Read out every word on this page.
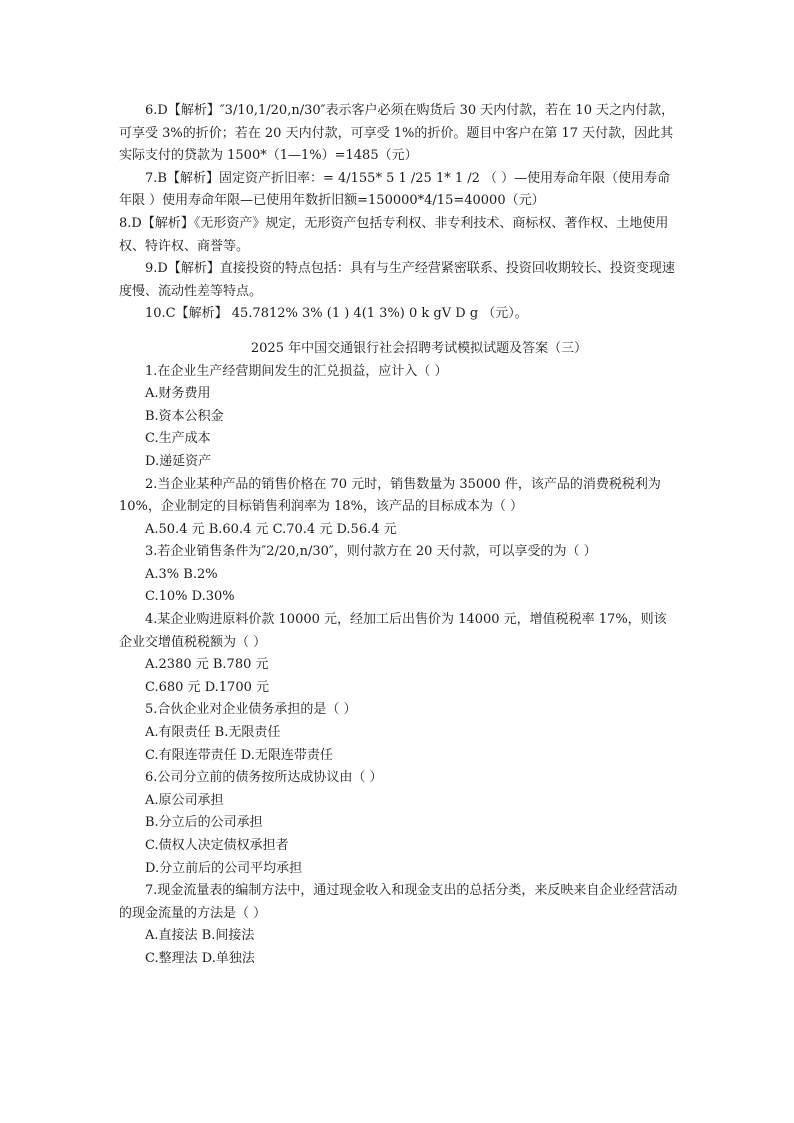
6.D【解析】″3/10,1/20,n/30″表示客户必须在购货后 30 天内付款，若在 10 天之内付款，可享受 3%的折价；若在 20 天内付款，可享受 1%的折价。题目中客户在第 17 天付款，因此其实际支付的贷款为 1500*（1—1%）=1485（元）

7.B【解析】固定资产折旧率：= 4/155* 5 1 /25 1* 1 /2 （ ）—使用寿命年限（使用寿命年限 ）使用寿命年限—已使用年数折旧额=150000*4/15=40000（元）

8.D【解析】《无形资产》规定，无形资产包括专利权、非专利技术、商标权、著作权、土地使用权、特许权、商誉等。

9.D【解析】直接投资的特点包括：具有与生产经营紧密联系、投资回收期较长、投资变现速度慢、流动性差等特点。

10.C【解析】 45.7812% 3% (1 ) 4(1 3%) 0 k gV D g （元）。

2025 年中国交通银行社会招聘考试模拟试题及答案（三）

1.在企业生产经营期间发生的汇兑损益，应计入（ ）

A.财务费用

B.资本公积金

C.生产成本

D.递延资产

2.当企业某种产品的销售价格在 70 元时，销售数量为 35000 件，该产品的消费税税利为 10%，企业制定的目标销售利润率为 18%，该产品的目标成本为（ ）

A.50.4 元 B.60.4 元 C.70.4 元 D.56.4 元

3.若企业销售条件为″2/20,n/30″，则付款方在 20 天付款，可以享受的为（ ）

A.3% B.2%

C.10% D.30%

4.某企业购进原料价款 10000 元，经加工后出售价为 14000 元，增值税税率 17%，则该企业交增值税税额为（ ）

A.2380 元 B.780 元

C.680 元 D.1700 元

5.合伙企业对企业债务承担的是（ ）

A.有限责任 B.无限责任

C.有限连带责任 D.无限连带责任

6.公司分立前的债务按所达成协议由（ ）

A.原公司承担

B.分立后的公司承担

C.债权人决定债权承担者

D.分立前后的公司平均承担

7.现金流量表的编制方法中，通过现金收入和现金支出的总括分类，来反映来自企业经营活动的现金流量的方法是（ ）

A.直接法 B.间接法

C.整理法 D.单独法
